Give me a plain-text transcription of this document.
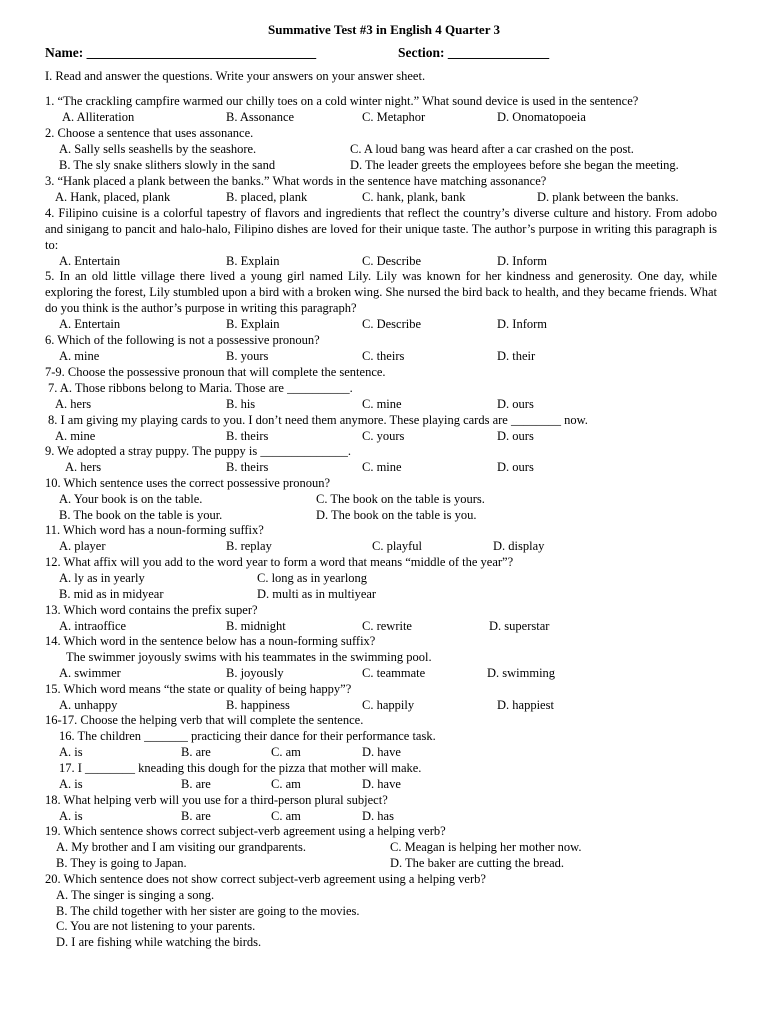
Summative Test #3 in English 4 Quarter 3
Name: __________________________________	Section: _______________
I. Read and answer the questions. Write your answers on your answer sheet.
1. “The crackling campfire warmed our chilly toes on a cold winter night.” What sound device is used in the sentence?
A. Alliteration	B. Assonance	C. Metaphor	D. Onomatopoeia
2. Choose a sentence that uses assonance.
A. Sally sells seashells by the seashore.	C. A loud bang was heard after a car crashed on the post.
B. The sly snake slithers slowly in the sand	D. The leader greets the employees before she began the meeting.
3. “Hank placed a plank between the banks.” What words in the sentence have matching assonance?
A. Hank, placed, plank	B. placed, plank	C. hank, plank, bank	D. plank between the banks.
4. Filipino cuisine is a colorful tapestry of flavors and ingredients that reflect the country’s diverse culture and history. From adobo and sinigang to pancit and halo-halo, Filipino dishes are loved for their unique taste. The author’s purpose in writing this paragraph is to:
A. Entertain	B. Explain	C. Describe	D. Inform
5. In an old little village there lived a young girl named Lily. Lily was known for her kindness and generosity. One day, while exploring the forest, Lily stumbled upon a bird with a broken wing. She nursed the bird back to health, and they became friends. What do you think is the author’s purpose in writing this paragraph?
A. Entertain	B. Explain	C. Describe	D. Inform
6. Which of the following is not a possessive pronoun?
A. mine	B. yours	C. theirs	D. their
7-9. Choose the possessive pronoun that will complete the sentence.
7. A. Those ribbons belong to Maria. Those are __________.
A. hers	B. his	C. mine	D. ours
8. I am giving my playing cards to you. I don’t need them anymore. These playing cards are ________ now.
A. mine	B. theirs	C. yours	D. ours
9. We adopted a stray puppy. The puppy is ______________.
A. hers	B. theirs	C. mine	D. ours
10. Which sentence uses the correct possessive pronoun?
A. Your book is on the table.	C. The book on the table is yours.
B. The book on the table is your.	D. The book on the table is you.
11. Which word has a noun-forming suffix?
A. player	B. replay	C. playful	D. display
12. What affix will you add to the word year to form a word that means “middle of the year”?
A. ly as in yearly	C. long as in yearlong
B. mid as in midyear	D. multi as in multiyear
13. Which word contains the prefix super?
A. intraoffice	B. midnight	C. rewrite	D. superstar
14. Which word in the sentence below has a noun-forming suffix?
The swimmer joyously swims with his teammates in the swimming pool.
A. swimmer	B. joyously	C. teammate	D. swimming
15. Which word means “the state or quality of being happy”?
A. unhappy	B. happiness	C. happily	D. happiest
16-17. Choose the helping verb that will complete the sentence.
16. The children _______ practicing their dance for their performance task.
A. is	B. are	C. am	D. have
17. I ________ kneading this dough for the pizza that mother will make.
A. is	B. are	C. am	D. have
18. What helping verb will you use for a third-person plural subject?
A. is	B. are	C. am	D. has
19. Which sentence shows correct subject-verb agreement using a helping verb?
A. My brother and I am visiting our grandparents.	C. Meagan is helping her mother now.
B. They is going to Japan.	D. The baker are cutting the bread.
20. Which sentence does not show correct subject-verb agreement using a helping verb?
A. The singer is singing a song.
B. The child together with her sister are going to the movies.
C. You are not listening to your parents.
D. I are fishing while watching the birds.
